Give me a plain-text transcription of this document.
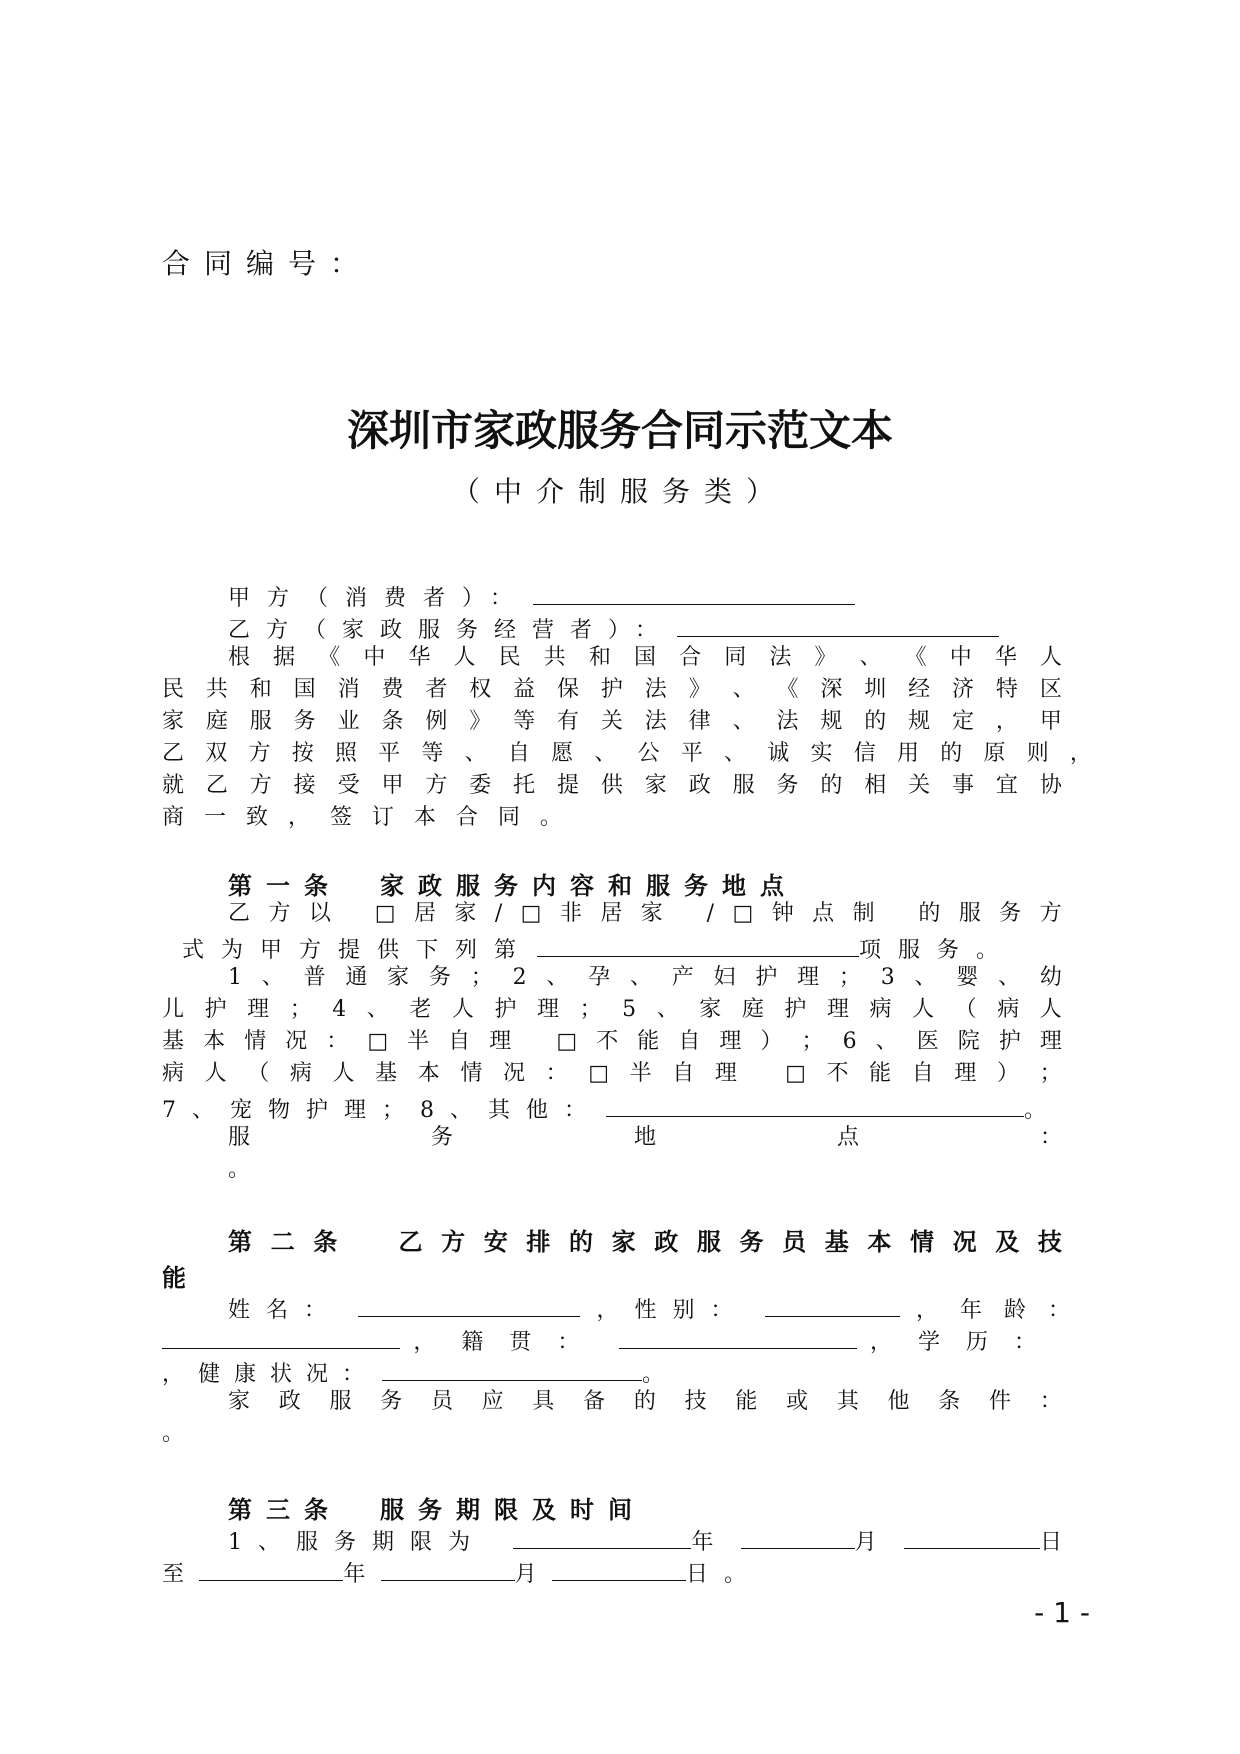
合同编号：
深圳市家政服务合同示范文本
（中介制服务类）
甲方（消费者）：
乙方（家政服务经营者）：
根 据 《 中 华 人 民 共 和 国 合 同 法 》 、 《 中 华 人
民 共 和 国 消 费 者 权 益 保 护 法 》 、 《 深 圳 经 济 特 区
家 庭 服 务 业 条 例 》 等 有 关 法 律 、 法 规 的 规 定 ， 甲
乙 双 方 按 照 平 等 、 自 愿 、 公 平 、 诚 实 信 用 的 原 则 ，
就 乙 方 接 受 甲 方 委 托 提 供 家 政 服 务 的 相 关 事 宜 协
商 一 致 ， 签 订 本 合 同 。
第一条　家政服务内容和服务地点
乙 方 以
□ 居 家 / □ 非 居 家
/ □ 钟 点 制
的 服 务 方
式为甲方提供下列第	项服务。
1 、 普 通 家 务 ； 2 、 孕 、 产 妇 护 理 ； 3 、 婴 、 幼
儿 护 理 ； 4 、 老 人 护 理 ； 5 、 家 庭 护 理 病 人 （ 病 人
基 本 情 况 ： □ 半 自 理
□ 不 能 自 理 ） ； 6 、 医 院 护 理
病 人 （ 病 人 基 本 情 况 ： □ 半 自 理
□ 不 能 自 理 ） ；
7、宠物护理；8、其他：	。
服	务	地	点	：
。
第 二 条
　	乙 方 安 排 的 家 政 服 务 员 基 本 情 况 及 技
能
姓名：	，性别：	，年龄：
，籍贯：	，学历：
，健康状况：	。
家 政 服 务 员 应 具 备 的 技 能 或 其 他 条 件 ：
。
第三条　服务期限及时间
1、服务期限为	年	月	日
至	年	月	日。
- 1 -
